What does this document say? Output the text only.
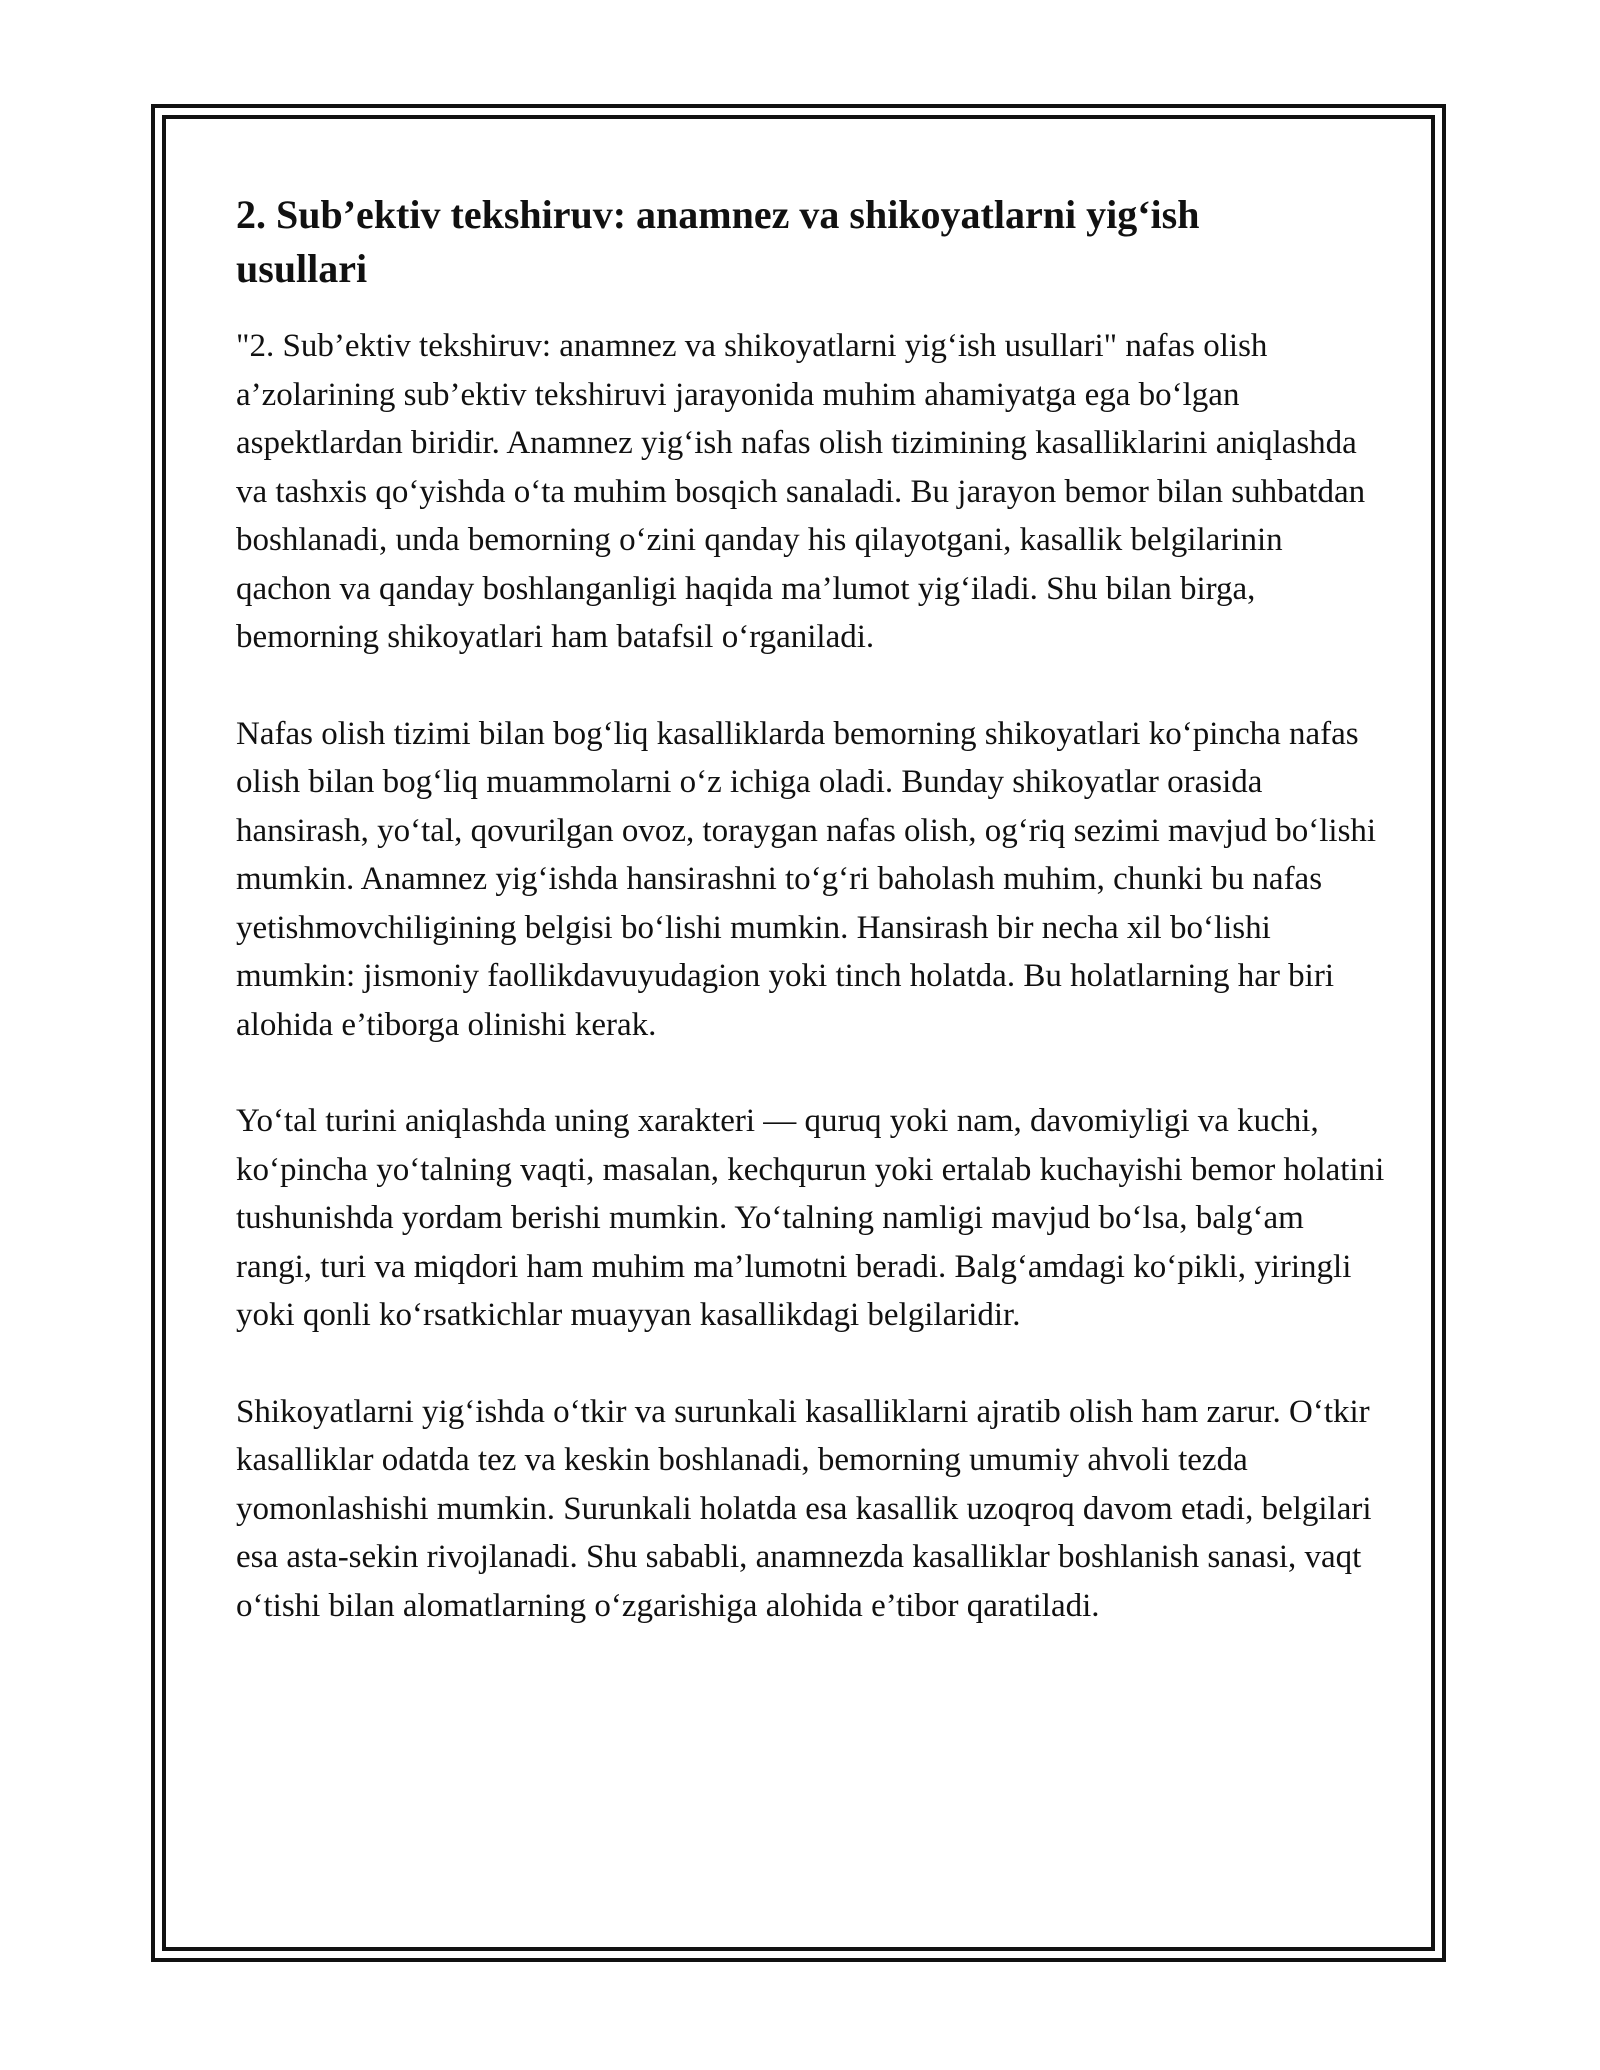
2. Sub’ektiv tekshiruv: anamnez va shikoyatlarni yig‘ish usullari

"2. Sub’ektiv tekshiruv: anamnez va shikoyatlarni yig‘ish usullari" nafas olish a’zolarining sub’ektiv tekshiruvi jarayonida muhim ahamiyatga ega bo‘lgan aspektlardan biridir. Anamnez yig‘ish nafas olish tizimining kasalliklarini aniqlashda va tashxis qo‘yishda o‘ta muhim bosqich sanaladi. Bu jarayon bemor bilan suhbatdan boshlanadi, unda bemorning o‘zini qanday his qilayotgani, kasallik belgilarinin qachon va qanday boshlanganligi haqida ma’lumot yig‘iladi. Shu bilan birga, bemorning shikoyatlari ham batafsil o‘rganiladi.

Nafas olish tizimi bilan bog‘liq kasalliklarda bemorning shikoyatlari ko‘pincha nafas olish bilan bog‘liq muammolarni o‘z ichiga oladi. Bunday shikoyatlar orasida hansirash, yo‘tal, qovurilgan ovoz, toraygan nafas olish, og‘riq sezimi mavjud bo‘lishi mumkin. Anamnez yig‘ishda hansirashni to‘g‘ri baholash muhim, chunki bu nafas yetishmovchiligining belgisi bo‘lishi mumkin. Hansirash bir necha xil bo‘lishi mumkin: jismoniy faollikdavuyudagion yoki tinch holatda. Bu holatlarning har biri alohida e’tiborga olinishi kerak.

Yo‘tal turini aniqlashda uning xarakteri — quruq yoki nam, davomiyligi va kuchi, ko‘pincha yo‘talning vaqti, masalan, kechqurun yoki ertalab kuchayishi bemor holatini tushunishda yordam berishi mumkin. Yo‘talning namligi mavjud bo‘lsa, balg‘am rangi, turi va miqdori ham muhim ma’lumotni beradi. Balg‘amdagi ko‘pikli, yiringli yoki qonli ko‘rsatkichlar muayyan kasallikdagi belgilaridir.

Shikoyatlarni yig‘ishda o‘tkir va surunkali kasalliklarni ajratib olish ham zarur. O‘tkir kasalliklar odatda tez va keskin boshlanadi, bemorning umumiy ahvoli tezda yomonlashishi mumkin. Surunkali holatda esa kasallik uzoqroq davom etadi, belgilari esa asta-sekin rivojlanadi. Shu sababli, anamnezda kasalliklar boshlanish sanasi, vaqt o‘tishi bilan alomatlarning o‘zgarishiga alohida e’tibor qaratiladi.
